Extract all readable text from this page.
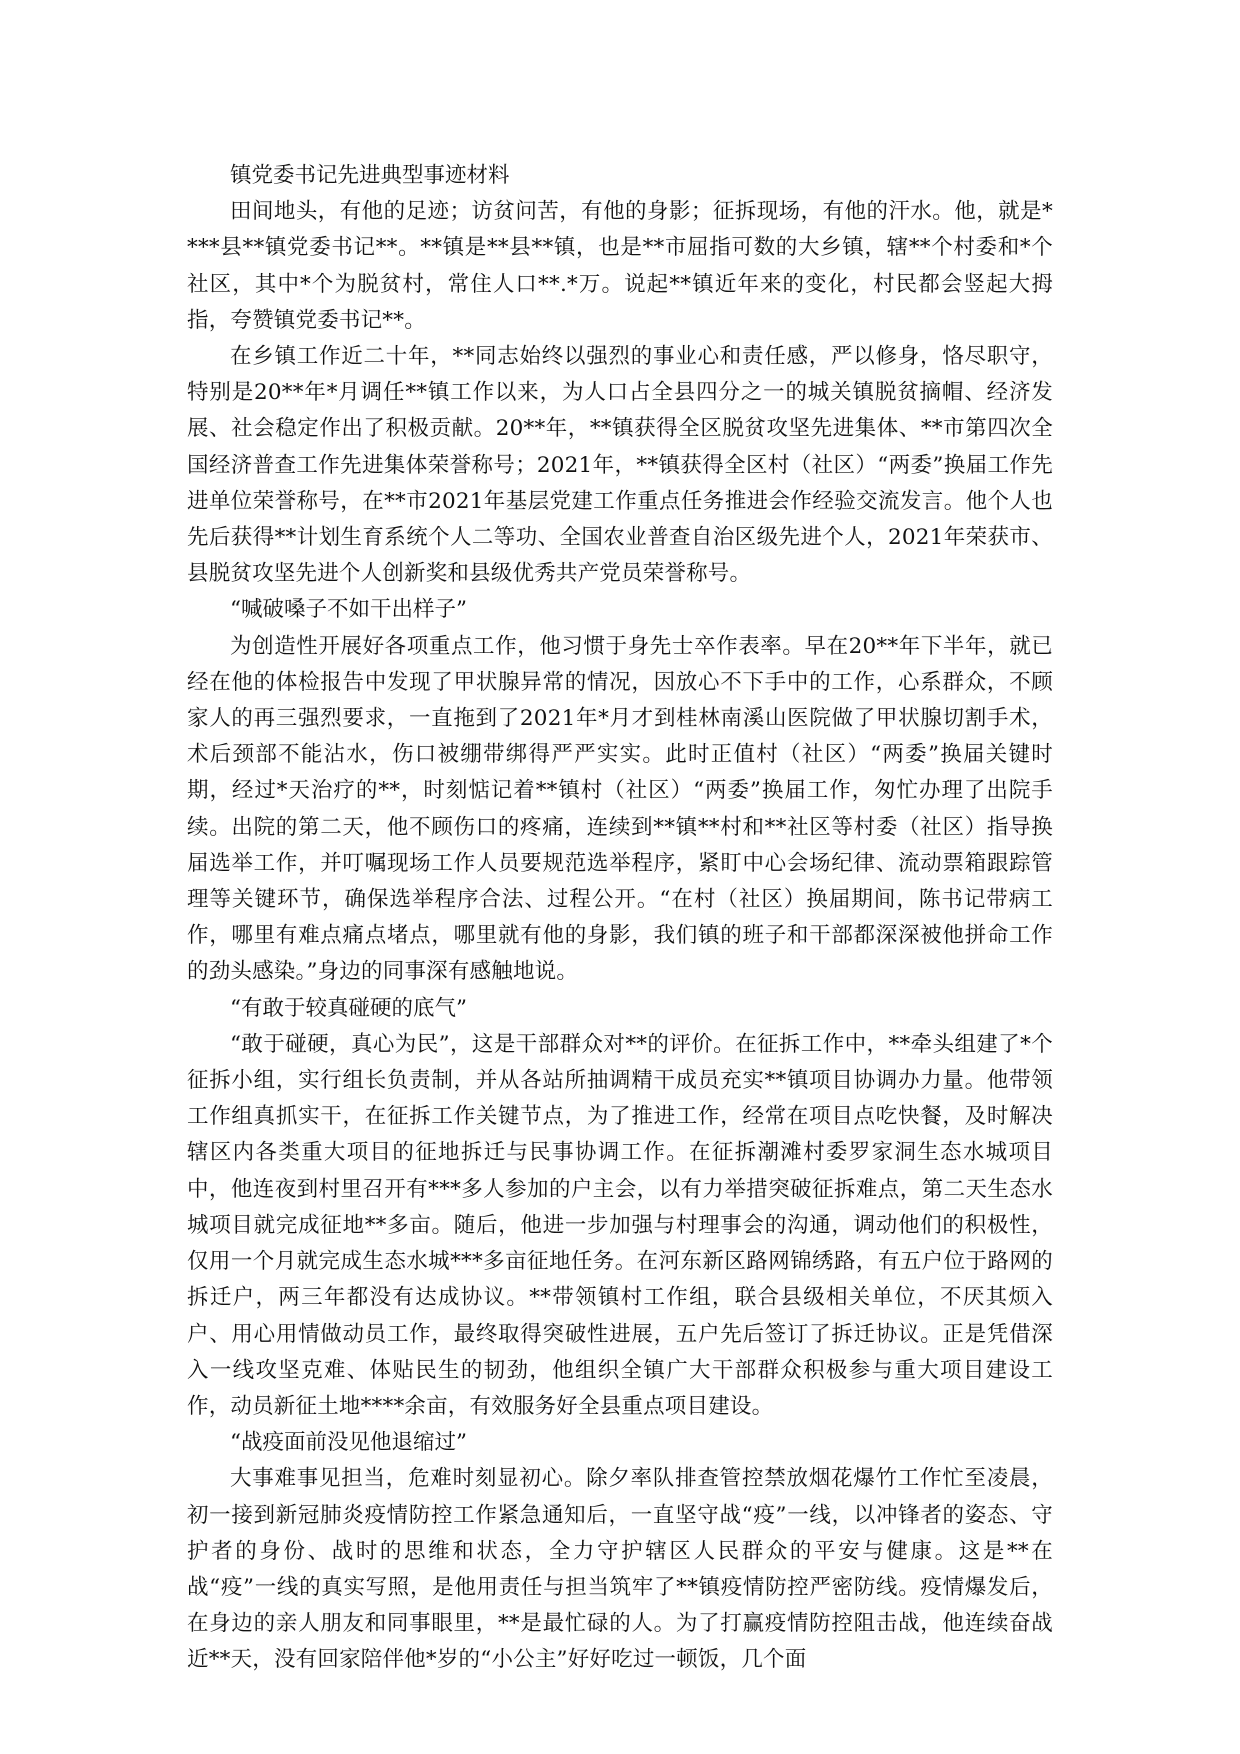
镇党委书记先进典型事迹材料

田间地头，有他的足迹；访贫问苦，有他的身影；征拆现场，有他的汗水。他，就是****县**镇党委书记**。**镇是**县**镇，也是**市屈指可数的大乡镇，辖**个村委和*个社区，其中*个为脱贫村，常住人口**.*万。说起**镇近年来的变化，村民都会竖起大拇指，夸赞镇党委书记**。

在乡镇工作近二十年，**同志始终以强烈的事业心和责任感，严以修身，恪尽职守，特别是20**年*月调任**镇工作以来，为人口占全县四分之一的城关镇脱贫摘帽、经济发展、社会稳定作出了积极贡献。20**年，**镇获得全区脱贫攻坚先进集体、**市第四次全国经济普查工作先进集体荣誉称号；2021年，**镇获得全区村（社区）“两委”换届工作先进单位荣誉称号，在**市2021年基层党建工作重点任务推进会作经验交流发言。他个人也先后获得**计划生育系统个人二等功、全国农业普查自治区级先进个人，2021年荣获市、县脱贫攻坚先进个人创新奖和县级优秀共产党员荣誉称号。

“喊破嗓子不如干出样子”

为创造性开展好各项重点工作，他习惯于身先士卒作表率。早在20**年下半年，就已经在他的体检报告中发现了甲状腺异常的情况，因放心不下手中的工作，心系群众，不顾家人的再三强烈要求，一直拖到了2021年*月才到桂林南溪山医院做了甲状腺切割手术，术后颈部不能沾水，伤口被绷带绑得严严实实。此时正值村（社区）“两委”换届关键时期，经过*天治疗的**，时刻惦记着**镇村（社区）“两委”换届工作，匆忙办理了出院手续。出院的第二天，他不顾伤口的疼痛，连续到**镇**村和**社区等村委（社区）指导换届选举工作，并叮嘱现场工作人员要规范选举程序，紧盯中心会场纪律、流动票箱跟踪管理等关键环节，确保选举程序合法、过程公开。“在村（社区）换届期间，陈书记带病工作，哪里有难点痛点堵点，哪里就有他的身影，我们镇的班子和干部都深深被他拼命工作的劲头感染。”身边的同事深有感触地说。

“有敢于较真碰硬的底气”

“敢于碰硬，真心为民”，这是干部群众对**的评价。在征拆工作中，**牵头组建了*个征拆小组，实行组长负责制，并从各站所抽调精干成员充实**镇项目协调办力量。他带领工作组真抓实干，在征拆工作关键节点，为了推进工作，经常在项目点吃快餐，及时解决辖区内各类重大项目的征地拆迁与民事协调工作。在征拆潮滩村委罗家洞生态水城项目中，他连夜到村里召开有***多人参加的户主会，以有力举措突破征拆难点，第二天生态水城项目就完成征地**多亩。随后，他进一步加强与村理事会的沟通，调动他们的积极性，仅用一个月就完成生态水城***多亩征地任务。在河东新区路网锦绣路，有五户位于路网的拆迁户，两三年都没有达成协议。**带领镇村工作组，联合县级相关单位，不厌其烦入户、用心用情做动员工作，最终取得突破性进展，五户先后签订了拆迁协议。正是凭借深入一线攻坚克难、体贴民生的韧劲，他组织全镇广大干部群众积极参与重大项目建设工作，动员新征土地****余亩，有效服务好全县重点项目建设。

“战疫面前没见他退缩过”

大事难事见担当，危难时刻显初心。除夕率队排查管控禁放烟花爆竹工作忙至凌晨，初一接到新冠肺炎疫情防控工作紧急通知后，一直坚守战“疫”一线，以冲锋者的姿态、守护者的身份、战时的思维和状态，全力守护辖区人民群众的平安与健康。这是**在战“疫”一线的真实写照，是他用责任与担当筑牢了**镇疫情防控严密防线。疫情爆发后，在身边的亲人朋友和同事眼里，**是最忙碌的人。为了打赢疫情防控阻击战，他连续奋战近**天，没有回家陪伴他*岁的“小公主”好好吃过一顿饭，几个面
